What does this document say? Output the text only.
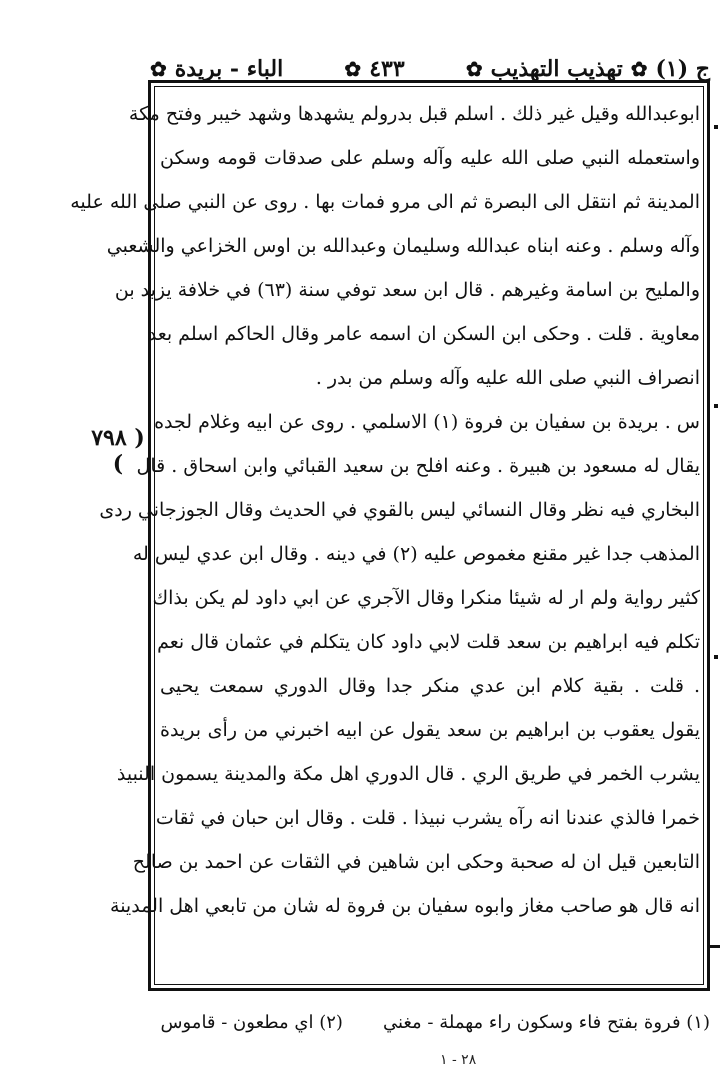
ج (١)
✿
تهذيب التهذيب
✿
٤٣٣
✿
الباء - بريدة
✿
ابوعبدالله وقيل غير ذلك . اسلم قبل بدرولم يشهدها وشهد خيبر وفتح مكة
واستعمله النبي صلى الله عليه وآله وسلم على صدقات قومه وسكن
المدينة ثم انتقل الى البصرة ثم الى مرو فمات بها . روى عن النبي صلى الله عليه
وآله وسلم . وعنه ابناه عبدالله وسليمان وعبدالله بن اوس الخزاعي والشعبي
والمليح بن اسامة وغيرهم . قال ابن سعد توفي سنة (٦٣) في خلافة يزيد بن
معاوية . قلت . وحكى ابن السكن ان اسمه عامر وقال الحاكم اسلم بعد
انصراف النبي صلى الله عليه وآله وسلم من بدر .
س . بريدة بن سفيان بن فروة (١) الاسلمي . روى عن ابيه وغلام لجده
يقال له مسعود بن هبيرة . وعنه افلح بن سعيد القبائي وابن اسحاق . قال
البخاري فيه نظر وقال النسائي ليس بالقوي في الحديث وقال الجوزجاني ردى
المذهب جدا غير مقنع مغموص عليه (٢) في دينه . وقال ابن عدي ليس له
كثير رواية ولم ار له شيئا منكرا وقال الآجري عن ابي داود لم يكن بذاك
تكلم فيه ابراهيم بن سعد قلت لابي داود كان يتكلم في عثمان قال نعم
. قلت . بقية كلام ابن عدي منكر جدا وقال الدوري سمعت يحيى
يقول يعقوب بن ابراهيم بن سعد يقول عن ابيه اخبرني من رأى بريدة
يشرب الخمر في طريق الري . قال الدوري اهل مكة والمدينة يسمون النبيذ
خمرا فالذي عندنا انه رآه يشرب نبيذا . قلت . وقال ابن حبان في ثقات
التابعين قيل ان له صحبة وحكى ابن شاهين في الثقات عن احمد بن صالح
انه قال هو صاحب مغاز وابوه سفيان بن فروة له شان من تابعي اهل المدينة
( ٧٩٨ )
(١) فروة بفتح فاء وسكون راء مهملة - مغني
(٢) اي مطعون - قاموس
٢٨ - ١
